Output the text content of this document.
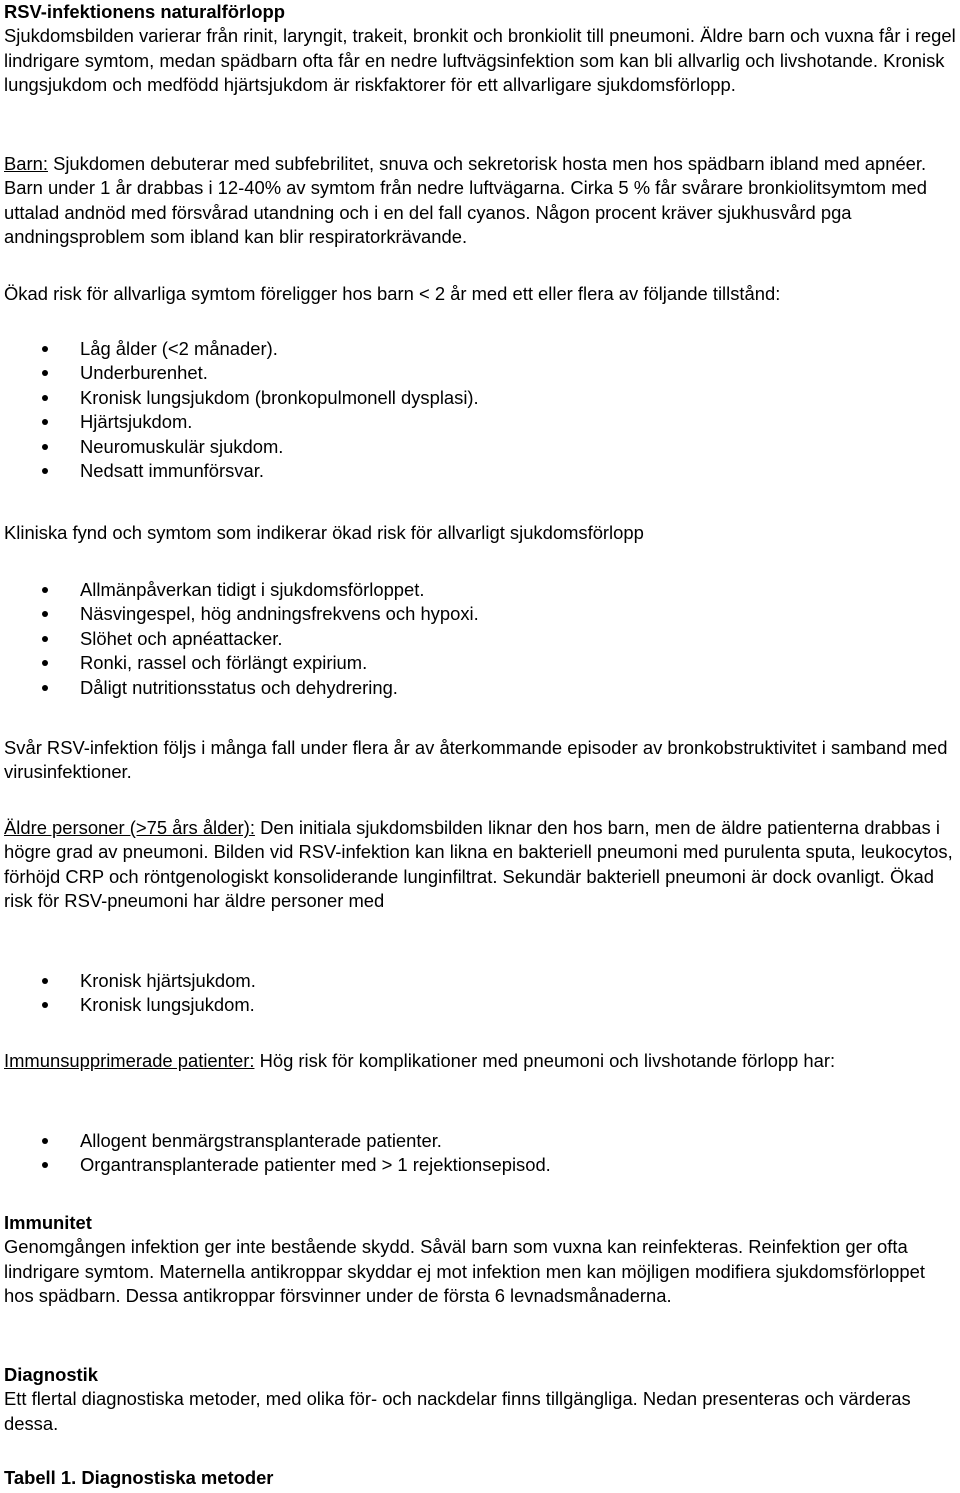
RSV-infektionens naturalförlopp
Sjukdomsbilden varierar från rinit, laryngit, trakeit, bronkit och bronkiolit till pneumoni. Äldre barn och vuxna får i regel lindrigare symtom, medan spädbarn ofta får en nedre luftvägsinfektion som kan bli allvarlig och livshotande. Kronisk lungsjukdom och medfödd hjärtsjukdom är riskfaktorer för ett allvarligare sjukdomsförlopp.
Barn: Sjukdomen debuterar med subfebrilitet, snuva och sekretorisk hosta men hos spädbarn ibland med apnéer. Barn under 1 år drabbas i 12-40% av symtom från nedre luftvägarna. Cirka 5 % får svårare bronkiolitsymtom med uttalad andnöd med försvårad utandning och i en del fall cyanos. Någon procent kräver sjukhusvård pga andningsproblem som ibland kan blir respiratorkrävande.
Ökad risk för allvarliga symtom föreligger hos barn < 2 år med ett eller flera av följande tillstånd:
Låg ålder (<2 månader).
Underburenhet.
Kronisk lungsjukdom (bronkopulmonell dysplasi).
Hjärtsjukdom.
Neuromuskulär sjukdom.
Nedsatt immunförsvar.
Kliniska fynd och symtom som indikerar ökad risk för allvarligt sjukdomsförlopp
Allmänpåverkan tidigt i sjukdomsförloppet.
Näsvingespel, hög andningsfrekvens och hypoxi.
Slöhet och apnéattacker.
Ronki, rassel och förlängt expirium.
Dåligt nutritionsstatus och dehydrering.
Svår RSV-infektion följs i många fall under flera år av återkommande episoder av bronkobstruktivitet i samband med virusinfektioner.
Äldre personer (>75 års ålder): Den initiala sjukdomsbilden liknar den hos barn, men de äldre patienterna drabbas i högre grad av pneumoni. Bilden vid RSV-infektion kan likna en bakteriell pneumoni med purulenta sputa, leukocytos, förhöjd CRP och röntgenologiskt konsoliderande lunginfiltrat. Sekundär bakteriell pneumoni är dock ovanligt. Ökad risk för RSV-pneumoni har äldre personer med
Kronisk hjärtsjukdom.
Kronisk lungsjukdom.
Immunsupprimerade patienter: Hög risk för komplikationer med pneumoni och livshotande förlopp har:
Allogent benmärgstransplanterade patienter.
Organtransplanterade patienter med > 1 rejektionsepisod.
Immunitet
Genomgången infektion ger inte bestående skydd. Såväl barn som vuxna kan reinfekteras. Reinfektion ger ofta lindrigare symtom. Maternella antikroppar skyddar ej mot infektion men kan möjligen modifiera sjukdomsförloppet hos spädbarn. Dessa antikroppar försvinner under de första 6 levnadsmånaderna.
Diagnostik
Ett flertal diagnostiska metoder, med olika för- och nackdelar finns tillgängliga. Nedan presenteras och värderas dessa.
Tabell 1. Diagnostiska metoder
